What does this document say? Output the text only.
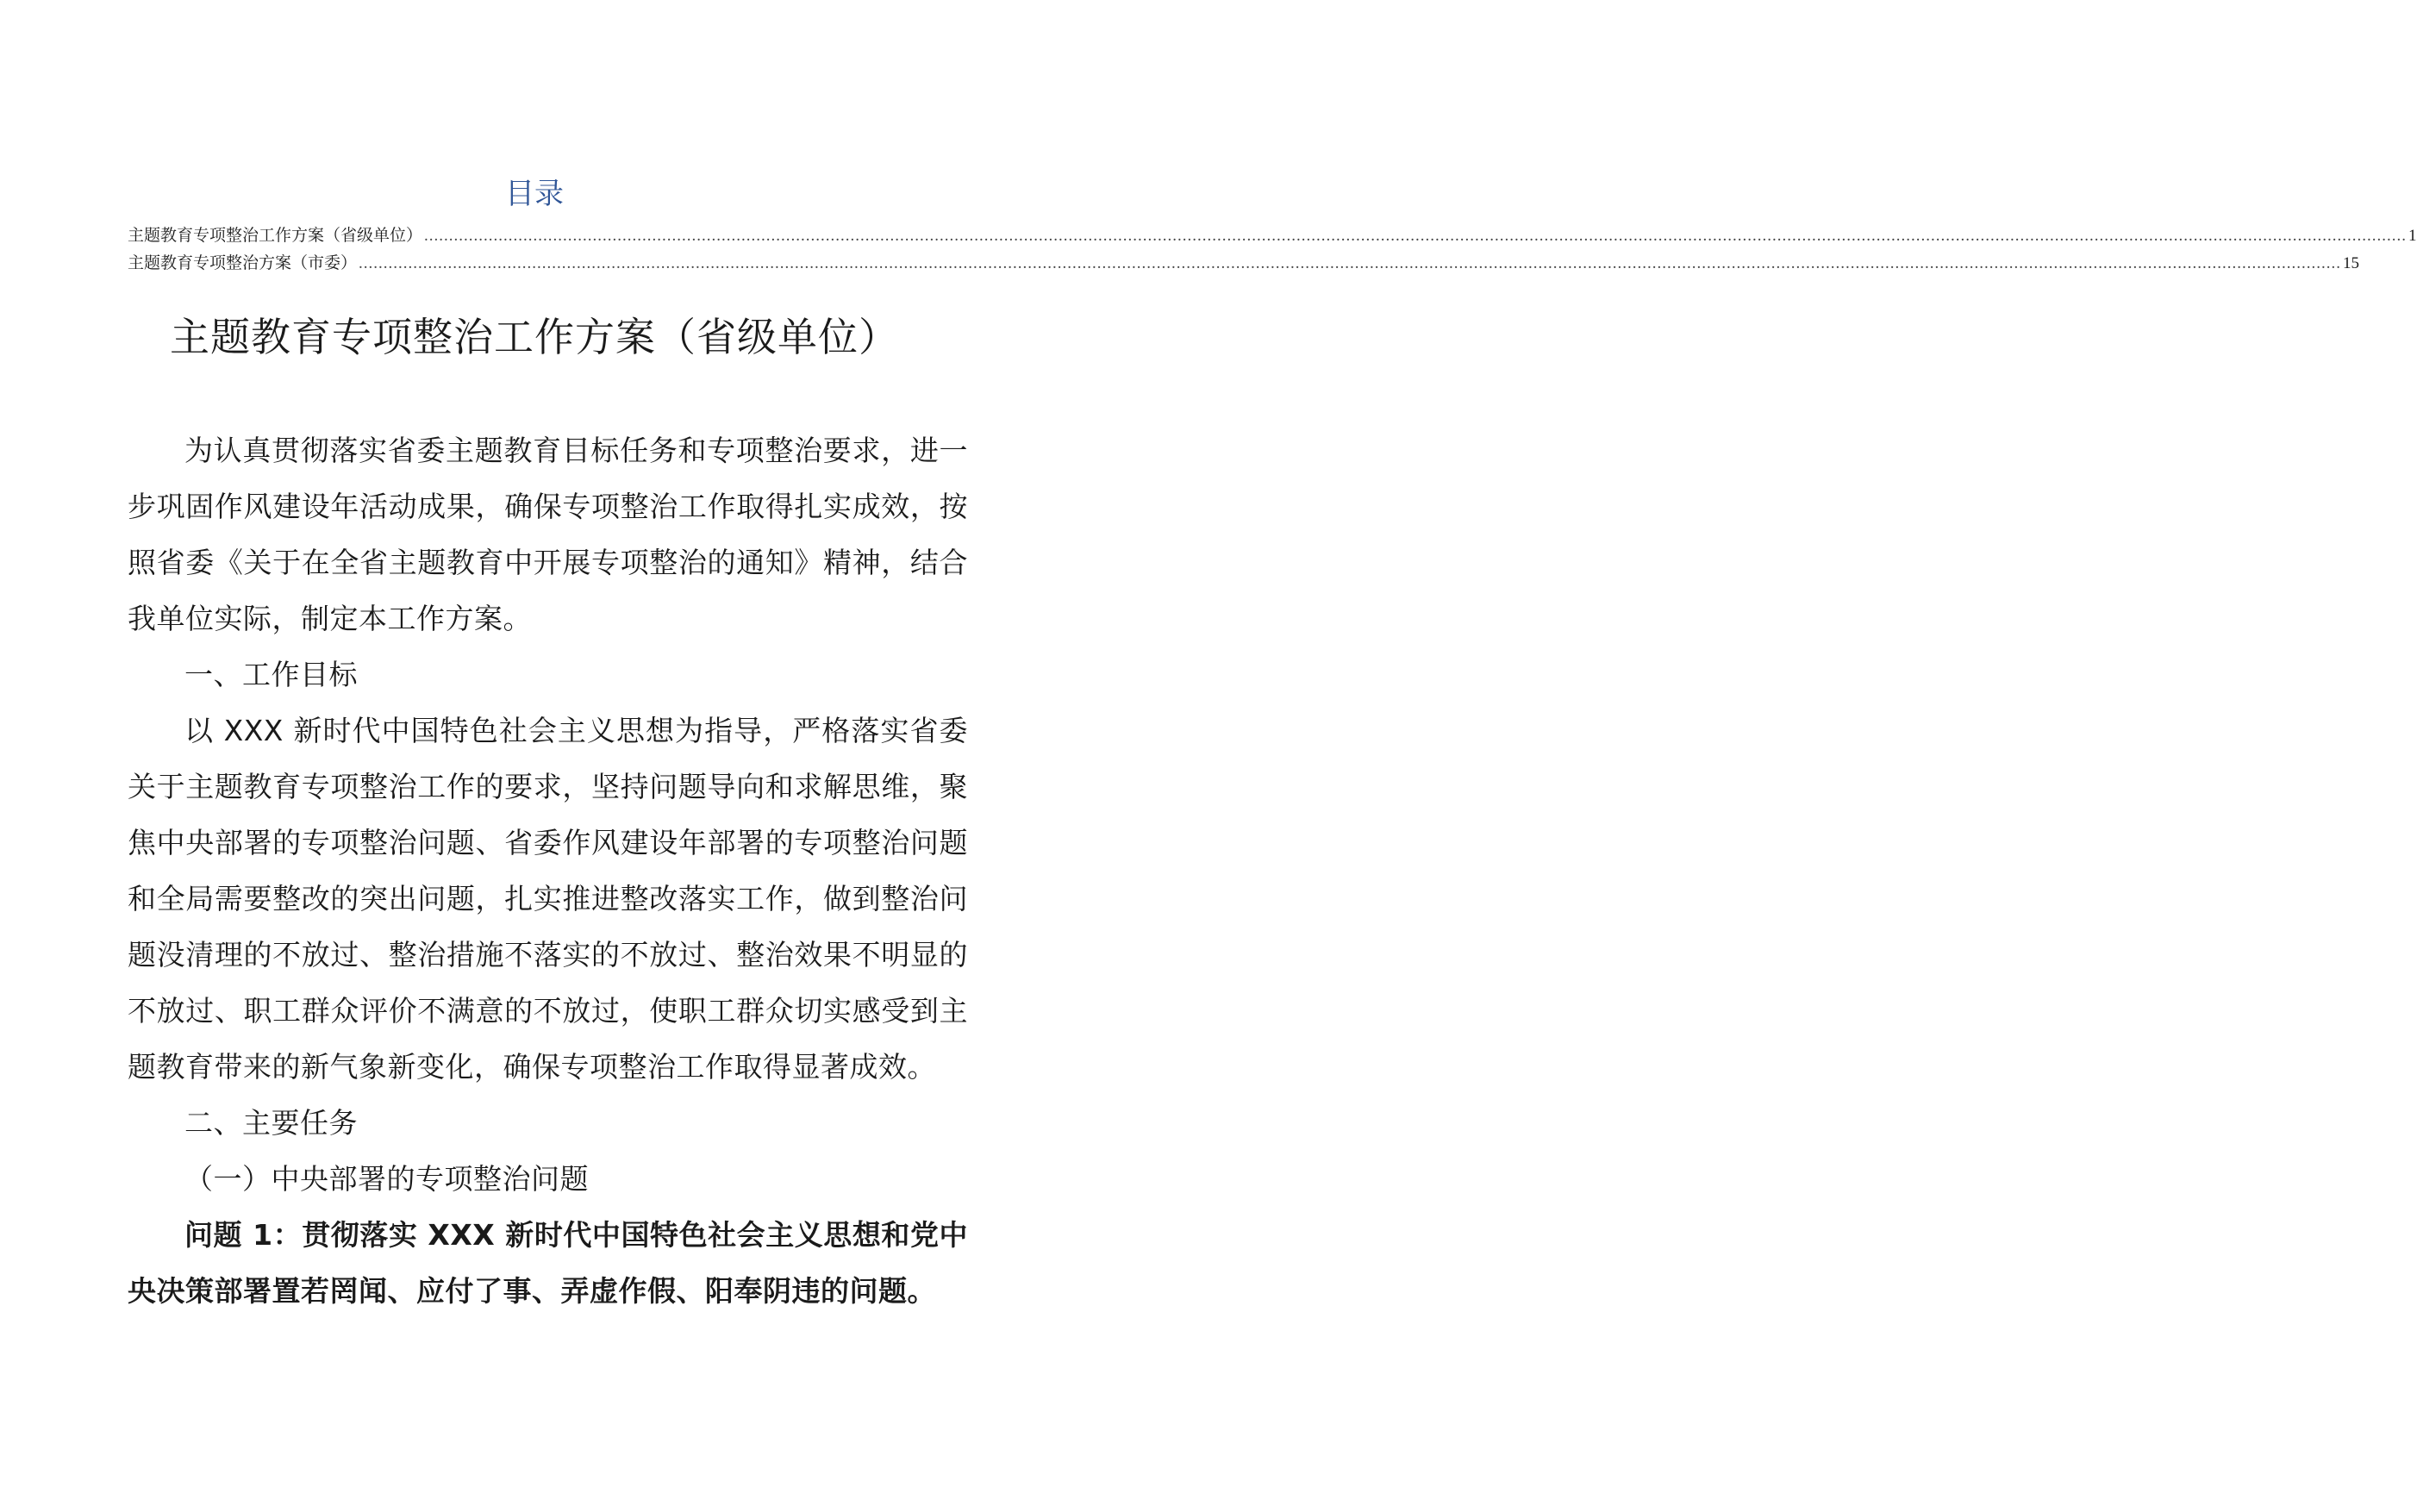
目录
主题教育专项整治工作方案（省级单位） ................................................................................................................................................................................................................................................................................................................................................................................................................ 1
主题教育专项整治方案（市委） ................................................................................................................................................................................................................................................................................................................................................................................................................ 15
主题教育专项整治工作方案（省级单位）

为认真贯彻落实省委主题教育目标任务和专项整治要求，进一步巩固作风建设年活动成果，确保专项整治工作取得扎实成效，按照省委《关于在全省主题教育中开展专项整治的通知》精神，结合我单位实际，制定本工作方案。

一、工作目标

以 XXX 新时代中国特色社会主义思想为指导，严格落实省委关于主题教育专项整治工作的要求，坚持问题导向和求解思维，聚焦中央部署的专项整治问题、省委作风建设年部署的专项整治问题和全局需要整改的突出问题，扎实推进整改落实工作，做到整治问题没清理的不放过、整治措施不落实的不放过、整治效果不明显的不放过、职工群众评价不满意的不放过，使职工群众切实感受到主题教育带来的新气象新变化，确保专项整治工作取得显著成效。

二、主要任务

（一）中央部署的专项整治问题

问题 1：贯彻落实 XXX 新时代中国特色社会主义思想和党中央决策部署置若罔闻、应付了事、弄虚作假、阳奉阴违的问题。
